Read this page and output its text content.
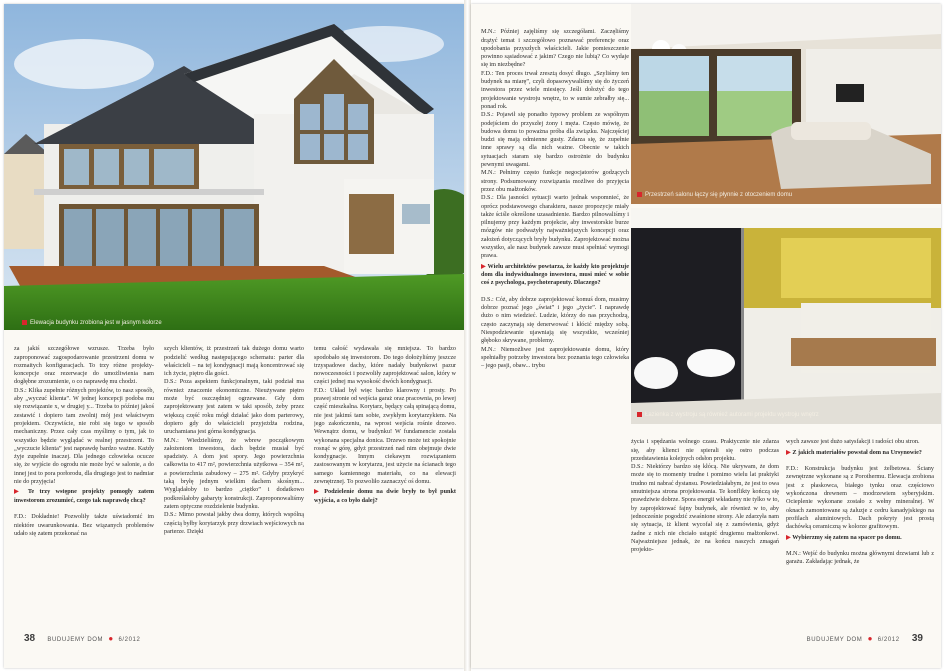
Elewacja budynku zrobiona jest w jasnym kolorze

za jakiś szczegółowe wzrusze. Trzeba było zaproponować zagospodarowanie przestrzeni domu w rozmaitych konfiguracjach. To trzy różne projekty-koncepcje oraz rezerwacje do umożliwienia nam dogłębne zrozumienie, o co naprawdę mu chodzi.
D.S.: Klika zupełnie różnych projektów, to nasz sposób, aby „wyczuć klienta”. W jednej koncepcji podoba mu się rozwiązanie x, w drugiej y... Trzeba to później jakoś zestawić i dopiero tam zwolnij mój jest właściwym projektem. Oczywiście, nie robi się tego w sposób mechaniczny. Przez cały czas myślimy o tym, jak to wszystko będzie wyglądać w realnej przestrzeni. To „wyczucie klienta” jest naprawdę bardzo ważne. Każdy żyje zupełnie inaczej. Dla jednego człowieka ocucze się, że wyjście do ogrodu nie może być w salonie, a do innej jest to pora porłorodu, dla drugiego jest to nadmiar nie do przyjęcia!

▶ Te trzy wstępne projekty pomogły zatem inwestorom zrozumieć, czego tak naprawdę chcą?

F.D.: Dokładnie! Pozwoliły także uświadomić im niektóre uwarunkowania. Bez wiązanych problemów udało się zatem przekonać na

szych klientów, iż przestrzeń tak dużego domu warto podzielić według następującego schematu: parter dla właścicieli – na tej kondygnacji mają koncentrować się ich życie, piętro dla gości.
D.S.: Poza aspektem funkcjonalnym, taki podział ma również znaczenie ekonomiczne. Nieużywane piętro może być oszczędniej ogrzewane. Gdy dom zaprojektowany jest zatem w taki sposób, żeby przez większą część roku mógł działać jako dom parterowy, dopiero gdy do właścicieli przyjeżdża rodzina, uruchamiana jest górna kondygnacja.
M.N.: Wiedzieliśmy, że wbrew początkowym założeniom inwestora, dach będzie musiał być spadzisty. A dom jest spory. Jego powierzchnia całkowita to 417 m², powierzchnia użytkowa – 354 m², a powierzchnia zabudowy – 275 m². Gdyby przykryć taką bryłę jednym wielkim dachem skośnym... Wyglądałoby to bardzo „ciężko” i dodatkowo podkreślałoby gabaryty konstrukcji. Zaproponowaliśmy zatem optyczne rozdzielenie budynku.
D.S.: Mimo powstał jakby dwa domy, których wspólną częścią byłby korytarzyk przy drzwiach wejściowych na parterze. Dzięki

temu całość wydawała się mniejsza. To bardzo spodobało się inwestorom. Do tego dołożyliśmy jeszcze trzyspadowe dachy, które nadały budynkowi pazur nowoczesności i pozwoliły zaprojektować salon, który w części jednej ma wysokość dwóch kondygnacji.
F.D.: Układ był więc bardzo klarowny i prosty. Po prawej stronie od wejścia garaż oraz pracownia, po lewej część mieszkalna. Korytarz, będący całą spinającą domu, nie jest jakimś tam sobie, zwykłym korytarzykiem. Na jego zakończeniu, na wprost wejścia rośnie drzewo. Wewnątrz domu, w budynku! W fundamencie została wykonana specjalna donica. Drzewo może też spokojnie rosnąć w górę, gdyż przestrzeń nad nim obejmuje dwie kondygnacje. Innym ciekawym rozwiązaniem zastosowanym w korytarzu, jest użycie na ścianach tego samego kamiennego materiału, co na elewacji zewnętrznej. To pozwoliło zaznaczyć oś domu.

▶ Podzielenie domu na dwie bryły to był punkt wyjścia, a co było dalej?

38 BUDUJEMY DOM ● 6/2012

M.N.: Później zajęliśmy się szczegółami. Zaczęliśmy drążyć temat i szczegółowo poznawać preferencje oraz upodobania przyszłych właścicieli. Jakie pomieszczenie powinno sąsiadować z jakim? Czego nie lubią? Co wydaje się im niezbędne?
F.D.: Ten proces trwał zresztą dosyć długo. „Szyliśmy ten budynek na miarę”, czyli dopasowywaliśmy się do życzeń inwestora przez wiele miesięcy. Jeśli dołożyć do tego projektowanie wystroju wnętrz, to w sumie zebrałby się... ponad rok.
D.S.: Pojawił się ponadto typowy problem ze współnym podejściem do przyszłej żony i męża. Często mówię, że budowa domu to poważna próba dla związku. Najczęściej budzi się mają odmienne gusty. Zdarza się, że zupełnie inne sprawy są dla nich ważne. Obecnie w takich sytuacjach staram się bardzo ostrożnie do budynku pewnymi uwagami.
M.N.: Pełnimy często funkcje negocjatorów godzących strony. Podsumowany rozwiązania możliwe do przyjęcia przez obu małżonków.
D.S.: Dla jasności sytuacji warto jednak wspomnieć, że oprócz podstawowego charakteru, nasze propozycje miały także ściśle określone uzasadnienie. Bardzo pilnowaliśmy i pilnujemy przy każdym projekcie, aby inwestorskie burze mózgów nie podważyły najważniejszych koncepcji oraz założeń dotyczących bryły budynku. Zaprojektować można wszystko, ale nasz budynek zawsze musi spełniać wymogi prawa.

▶ Wielu architektów powtarza, że każdy kto projektuje dom dla indywidualnego inwestora, musi mieć w sobie coś z psychologa, psychoterapeuty. Dlaczego?

D.S.: Cóż, aby dobrze zaprojektować komuś dom, musimy dobrze poznać jego „świat” i jego „życie”. I naprawdę dużo o nim wiedzieć. Ludzie, którzy do nas przychodzą, często zaczynają się denerwować i kłócić między sobą. Niespodziewanie ujawniają się wszystkie, wcześniej głęboko skrywane, problemy.
M.N.: Niemożliwe jest zaprojektowanie domu, który spełniałby potrzeby inwestora bez poznania tego człowieka – jego pasji, obaw... trybu

Przestrzeń salonu łączy się płynnie z otoczeniem domu
Łazienka z wystroju są również autorami projektu wystroju wnętrz

życia i spędzania wolnego czasu. Praktycznie nie zdarza się, aby klienci nie spierali się ostro podczas przedstawienia kolejnych odsłon projektu.
D.S.: Niektórzy bardzo się kłócą. Nie ukrywam, że dom może się to momenty trudne i pomimo wielu lat praktyki trudno mi nabrać dystansu. Powiedziałabym, że jest to owa smutniejsza strona projektowania. Te konflikty kończą się prawdziwie dobrze. Spora energii wkładamy nie tylko w to, by zaprojektować fajny budynek, ale również w to, aby jednocześnie pogodzić zwaśnione strony. Ale zdarzyła nam się sytuacja, iż klient wycofał się z zamówienia, gdyż żadne z nich nie chciało ustąpić drugiemu małżonkowi. Najważniejsze jednak, że na końcu naszych zmagań projekto-

wych zawsze jest dużo satysfakcji i radości obu stron.

▶ Z jakich materiałów powstał dom na Ursynowie?

F.D.: Konstrukcja budynku jest żelbetowa. Ściany zewnętrzne wykonane są z Porothermu. Elewacja zrobiona jest z płaskowca, białego tynku oraz częściowo wykończona drewnem – modrzewiem syberyjskim. Ocieplenie wykonane zostało z wełny mineralnej. W oknach zamontowane są żaluzje z cedru kanadyjskiego na profilach aluminiowych. Dach pokryty jest prostą dachówką ceramiczną w kolorze grafitowym.

▶ Wybierzmy się zatem na spacer po domu.

M.N.: Wejść do budynku można głównymi drzwiami lub z garażu. Zakładając jednak, że

BUDUJEMY DOM ● 6/2012 39
